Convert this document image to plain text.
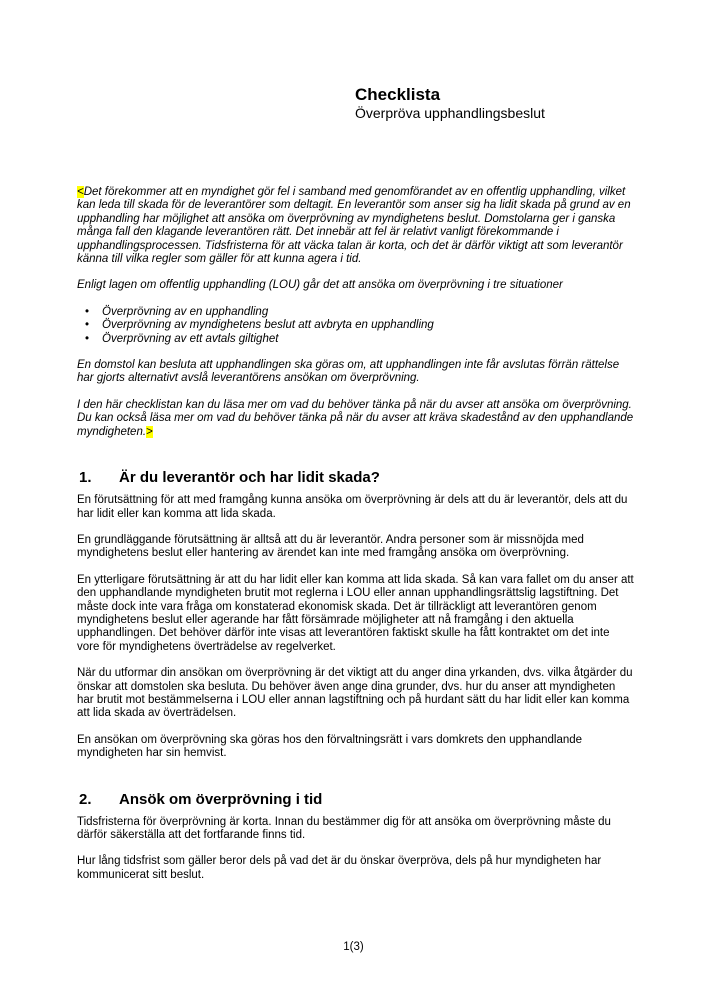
Checklista
Överpröva upphandlingsbeslut

<Det förekommer att en myndighet gör fel i samband med genomförandet av en offentlig upphandling, vilket kan leda till skada för de leverantörer som deltagit. En leverantör som anser sig ha lidit skada på grund av en upphandling har möjlighet att ansöka om överprövning av myndighetens beslut. Domstolarna ger i ganska många fall den klagande leverantören rätt. Det innebär att fel är relativt vanligt förekommande i upphandlingsprocessen. Tidsfristerna för att väcka talan är korta, och det är därför viktigt att som leverantör känna till vilka regler som gäller för att kunna agera i tid.

Enligt lagen om offentlig upphandling (LOU) går det att ansöka om överprövning i tre situationer

• Överprövning av en upphandling
• Överprövning av myndighetens beslut att avbryta en upphandling
• Överprövning av ett avtals giltighet

En domstol kan besluta att upphandlingen ska göras om, att upphandlingen inte får avslutas förrän rättelse har gjorts alternativt avslå leverantörens ansökan om överprövning.

I den här checklistan kan du läsa mer om vad du behöver tänka på när du avser att ansöka om överprövning. Du kan också läsa mer om vad du behöver tänka på när du avser att kräva skadestånd av den upphandlande myndigheten.>

1.	Är du leverantör och har lidit skada?

En förutsättning för att med framgång kunna ansöka om överprövning är dels att du är leverantör, dels att du har lidit eller kan komma att lida skada.

En grundläggande förutsättning är alltså att du är leverantör. Andra personer som är missnöjda med myndighetens beslut eller hantering av ärendet kan inte med framgång ansöka om överprövning.

En ytterligare förutsättning är att du har lidit eller kan komma att lida skada. Så kan vara fallet om du anser att den upphandlande myndigheten brutit mot reglerna i LOU eller annan upphandlingsrättslig lagstiftning. Det måste dock inte vara fråga om konstaterad ekonomisk skada. Det är tillräckligt att leverantören genom myndighetens beslut eller agerande har fått försämrade möjligheter att nå framgång i den aktuella upphandlingen. Det behöver därför inte visas att leverantören faktiskt skulle ha fått kontraktet om det inte vore för myndighetens överträdelse av regelverket.

När du utformar din ansökan om överprövning är det viktigt att du anger dina yrkanden, dvs. vilka åtgärder du önskar att domstolen ska besluta. Du behöver även ange dina grunder, dvs. hur du anser att myndigheten har brutit mot bestämmelserna i LOU eller annan lagstiftning och på hurdant sätt du har lidit eller kan komma att lida skada av överträdelsen.

En ansökan om överprövning ska göras hos den förvaltningsrätt i vars domkrets den upphandlande myndigheten har sin hemvist.

2.	Ansök om överprövning i tid

Tidsfristerna för överprövning är korta. Innan du bestämmer dig för att ansöka om överprövning måste du därför säkerställa att det fortfarande finns tid.

Hur lång tidsfrist som gäller beror dels på vad det är du önskar överpröva, dels på hur myndigheten har kommunicerat sitt beslut.

1(3)
